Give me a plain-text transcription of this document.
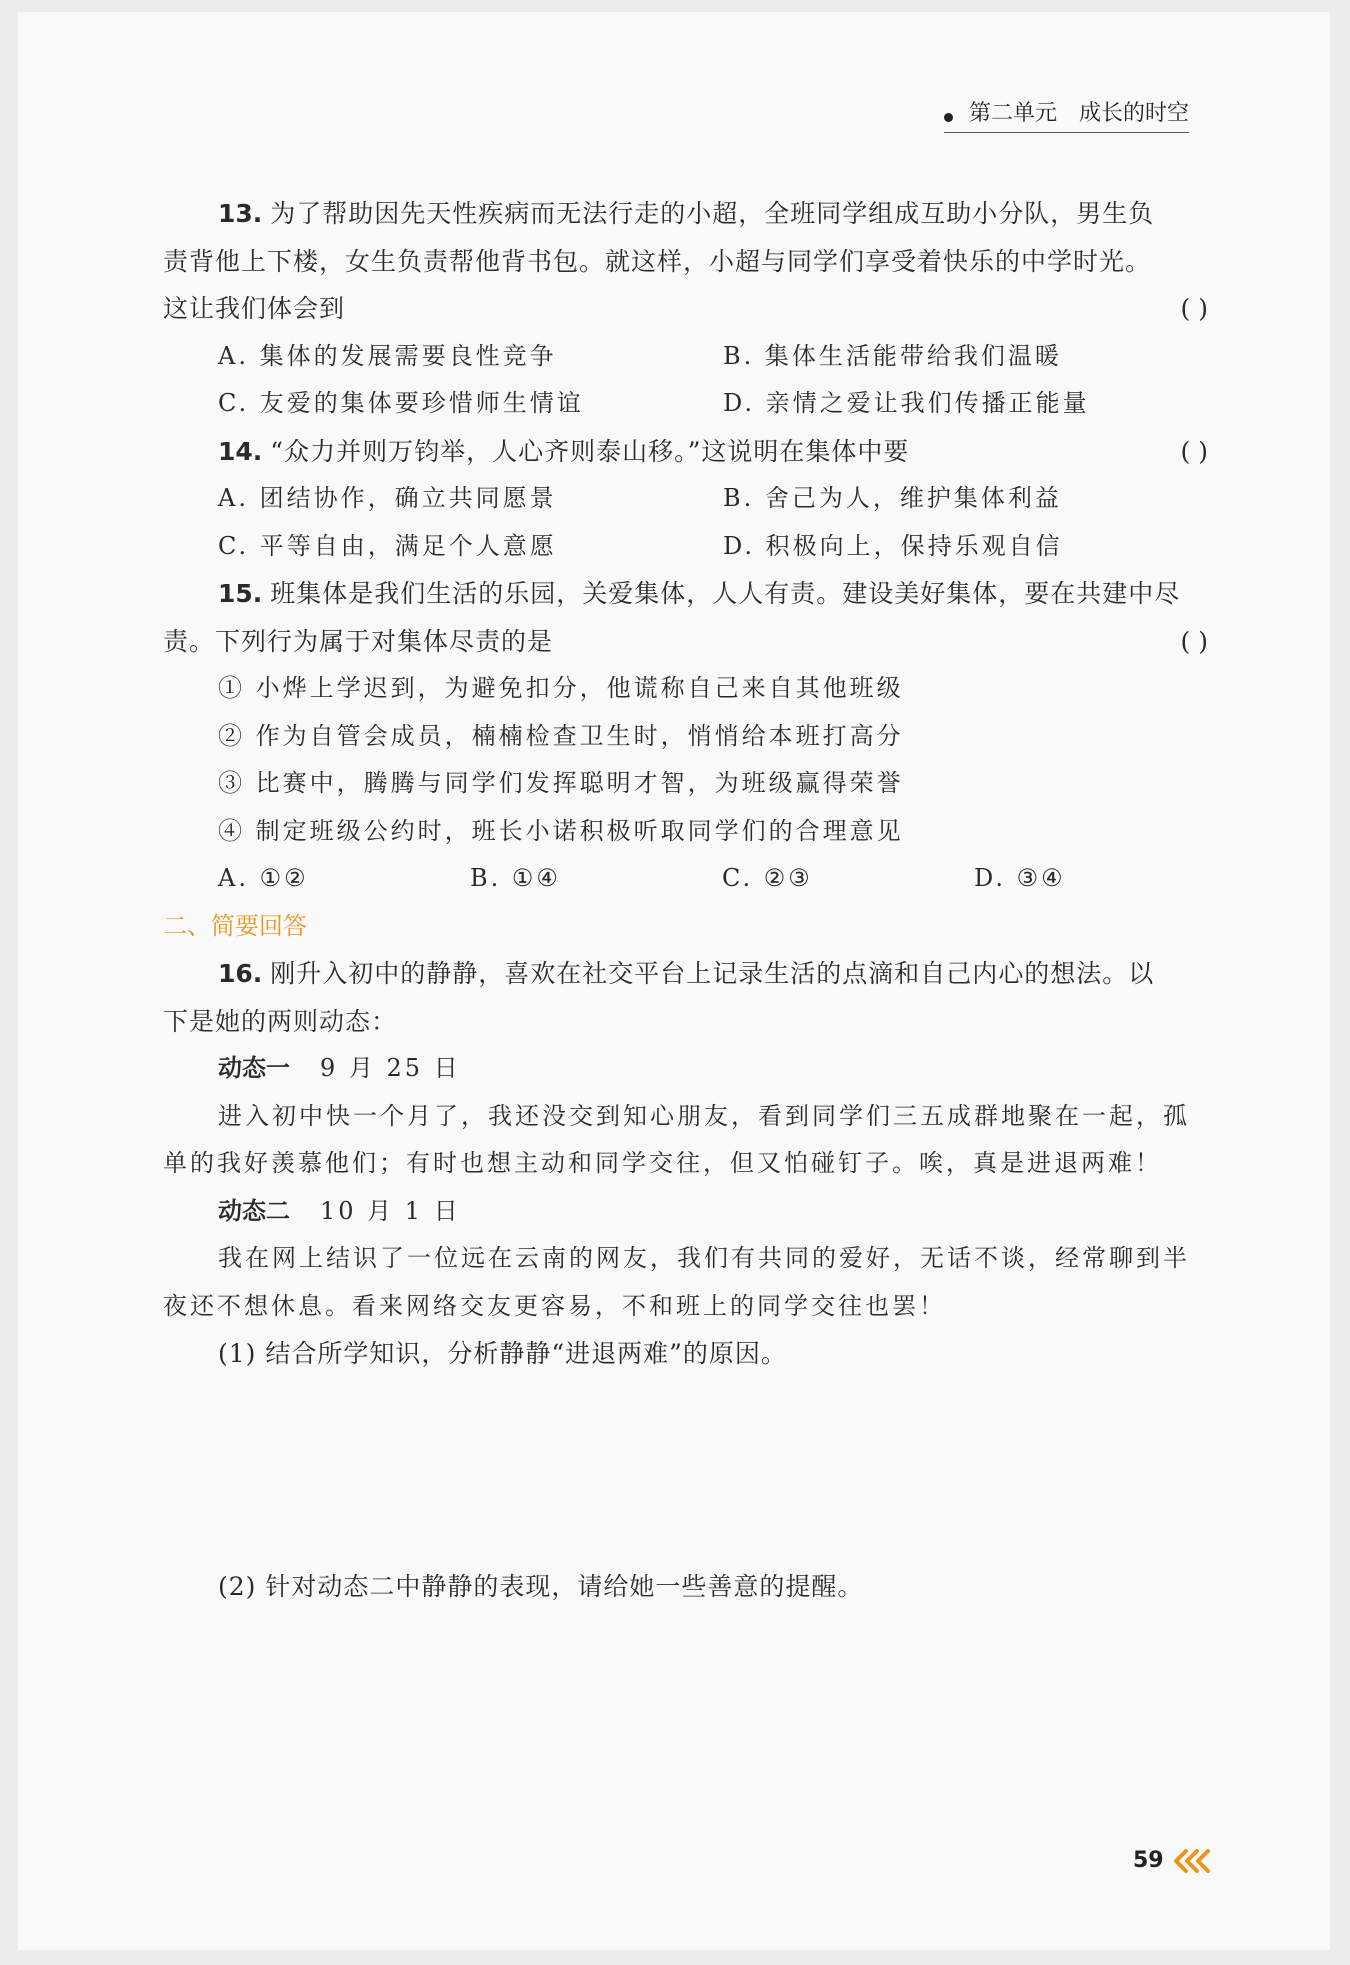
第二单元 成长的时空
13. 为了帮助因先天性疾病而无法行走的小超，全班同学组成互助小分队，男生负
责背他上下楼，女生负责帮他背书包。就这样，小超与同学们享受着快乐的中学时光。
这让我们体会到	( )
A. 集体的发展需要良性竞争	B. 集体生活能带给我们温暖
C. 友爱的集体要珍惜师生情谊	D. 亲情之爱让我们传播正能量
14. “众力并则万钧举，人心齐则泰山移。”这说明在集体中要	( )
A. 团结协作，确立共同愿景	B. 舍己为人，维护集体利益
C. 平等自由，满足个人意愿	D. 积极向上，保持乐观自信
15. 班集体是我们生活的乐园，关爱集体，人人有责。建设美好集体，要在共建中尽
责。下列行为属于对集体尽责的是	( )
① 小烨上学迟到，为避免扣分，他谎称自己来自其他班级
② 作为自管会成员，楠楠检查卫生时，悄悄给本班打高分
③ 比赛中，腾腾与同学们发挥聪明才智，为班级赢得荣誉
④ 制定班级公约时，班长小诺积极听取同学们的合理意见
A. ①②	B. ①④	C. ②③	D. ③④
二、简要回答
16. 刚升入初中的静静，喜欢在社交平台上记录生活的点滴和自己内心的想法。以
下是她的两则动态：
动态一 9 月 25 日
进入初中快一个月了，我还没交到知心朋友，看到同学们三五成群地聚在一起，孤
单的我好羡慕他们；有时也想主动和同学交往，但又怕碰钉子。唉，真是进退两难！
动态二 10 月 1 日
我在网上结识了一位远在云南的网友，我们有共同的爱好，无话不谈，经常聊到半
夜还不想休息。看来网络交友更容易，不和班上的同学交往也罢！
(1) 结合所学知识，分析静静“进退两难”的原因。
(2) 针对动态二中静静的表现，请给她一些善意的提醒。
59
